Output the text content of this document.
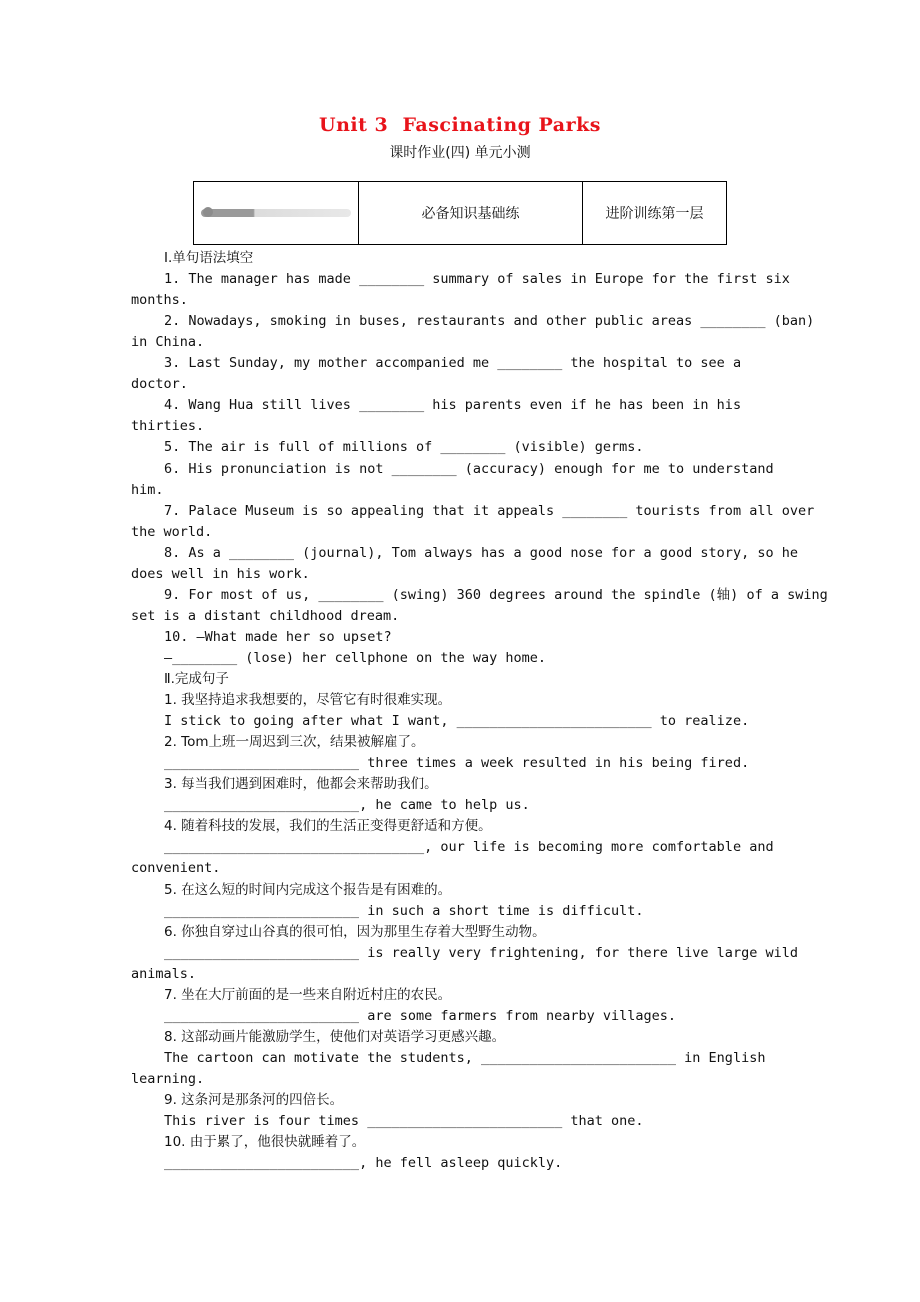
Unit 3 Fascinating Parks
课时作业(四) 单元小测
	必备知识基础练	进阶训练第一层
Ⅰ.单句语法填空
1. The manager has made ________ summary of sales in Europe for the first six
months.
2. Nowadays, smoking in buses, restaurants and other public areas ________ (ban)
in China.
3. Last Sunday, my mother accompanied me ________ the hospital to see a
doctor.
4. Wang Hua still lives ________ his parents even if he has been in his
thirties.
5. The air is full of millions of ________ (visible) germs.
6. His pronunciation is not ________ (accuracy) enough for me to understand
him.
7. Palace Museum is so appealing that it appeals ________ tourists from all over
the world.
8. As a ________ (journal), Tom always has a good nose for a good story, so he
does well in his work.
9. For most of us, ________ (swing) 360 degrees around the spindle (轴) of a swing
set is a distant childhood dream.
10. —What made her so upset?
—________ (lose) her cellphone on the way home.
Ⅱ.完成句子
1. 我坚持追求我想要的，尽管它有时很难实现。
I stick to going after what I want, ________________________ to realize.
2. Tom上班一周迟到三次，结果被解雇了。
________________________ three times a week resulted in his being fired.
3. 每当我们遇到困难时，他都会来帮助我们。
________________________, he came to help us.
4. 随着科技的发展，我们的生活正变得更舒适和方便。
________________________________, our life is becoming more comfortable and
convenient.
5. 在这么短的时间内完成这个报告是有困难的。
________________________ in such a short time is difficult.
6. 你独自穿过山谷真的很可怕，因为那里生存着大型野生动物。
________________________ is really very frightening, for there live large wild
animals.
7. 坐在大厅前面的是一些来自附近村庄的农民。
________________________ are some farmers from nearby villages.
8. 这部动画片能激励学生，使他们对英语学习更感兴趣。
The cartoon can motivate the students, ________________________ in English
learning.
9. 这条河是那条河的四倍长。
This river is four times ________________________ that one.
10. 由于累了，他很快就睡着了。
________________________, he fell asleep quickly.
